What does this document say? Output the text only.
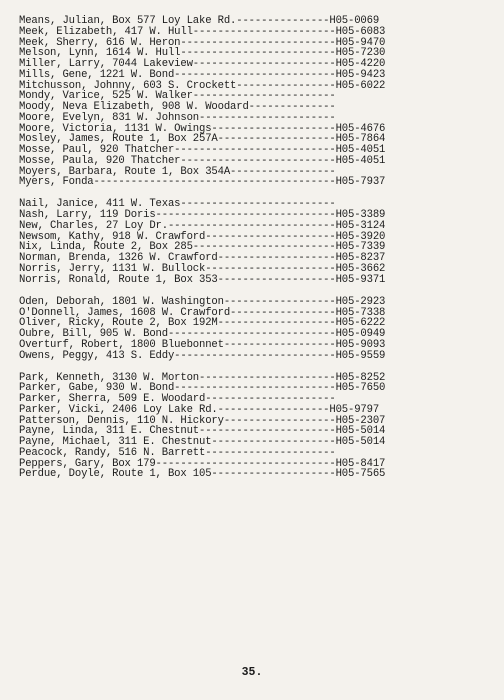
Means, Julian, Box 577 Loy Lake Rd.---------------H05-0069
Meek, Elizabeth, 417 W. Hull-----------------------H05-6083
Meek, Sherry, 616 W. Heron-------------------------H05-9470
Melson, Lynn, 1614 W. Hull-------------------------H05-7230
Miller, Larry, 7044 Lakeview-----------------------H05-4220
Mills, Gene, 1221 W. Bond--------------------------H05-9423
Mitchusson, Johnny, 603 S. Crockett----------------H05-6022
Mondy, Varice, 525 W. Walker-----------------------
Moody, Neva Elizabeth, 908 W. Woodard--------------
Moore, Evelyn, 831 W. Johnson----------------------
Moore, Victoria, 1131 W. Owings--------------------H05-4676
Mosley, James, Route 1, Box 257A-------------------H05-7864
Mosse, Paul, 920 Thatcher--------------------------H05-4051
Mosse, Paula, 920 Thatcher-------------------------H05-4051
Moyers, Barbara, Route 1, Box 354A-----------------
Myers, Fonda---------------------------------------H05-7937
Nail, Janice, 411 W. Texas-------------------------
Nash, Larry, 119 Doris-----------------------------H05-3389
New, Charles, 27 Loy Dr.---------------------------H05-3124
Newsom, Kathy, 918 W. Crawford---------------------H05-3920
Nix, Linda, Route 2, Box 285-----------------------H05-7339
Norman, Brenda, 1326 W. Crawford-------------------H05-8237
Norris, Jerry, 1131 W. Bullock---------------------H05-3662
Norris, Ronald, Route 1, Box 353-------------------H05-9371
Oden, Deborah, 1801 W. Washington------------------H05-2923
O'Donnell, James, 1608 W. Crawford-----------------H05-7338
Oliver, Ricky, Route 2, Box 192M-------------------H05-6222
Oubre, Bill, 905 W. Bond---------------------------H05-0949
Overturf, Robert, 1800 Bluebonnet------------------H05-9093
Owens, Peggy, 413 S. Eddy--------------------------H05-9559
Park, Kenneth, 3130 W. Morton----------------------H05-8252
Parker, Gabe, 930 W. Bond--------------------------H05-7650
Parker, Sherra, 509 E. Woodard---------------------
Parker, Vicki, 2406 Loy Lake Rd.------------------H05-9797
Patterson, Dennis, 110 N. Hickory------------------H05-2307
Payne, Linda, 311 E. Chestnut----------------------H05-5014
Payne, Michael, 311 E. Chestnut--------------------H05-5014
Peacock, Randy, 516 N. Barrett---------------------
Peppers, Gary, Box 179-----------------------------H05-8417
Perdue, Doyle, Route 1, Box 105--------------------H05-7565
35.
